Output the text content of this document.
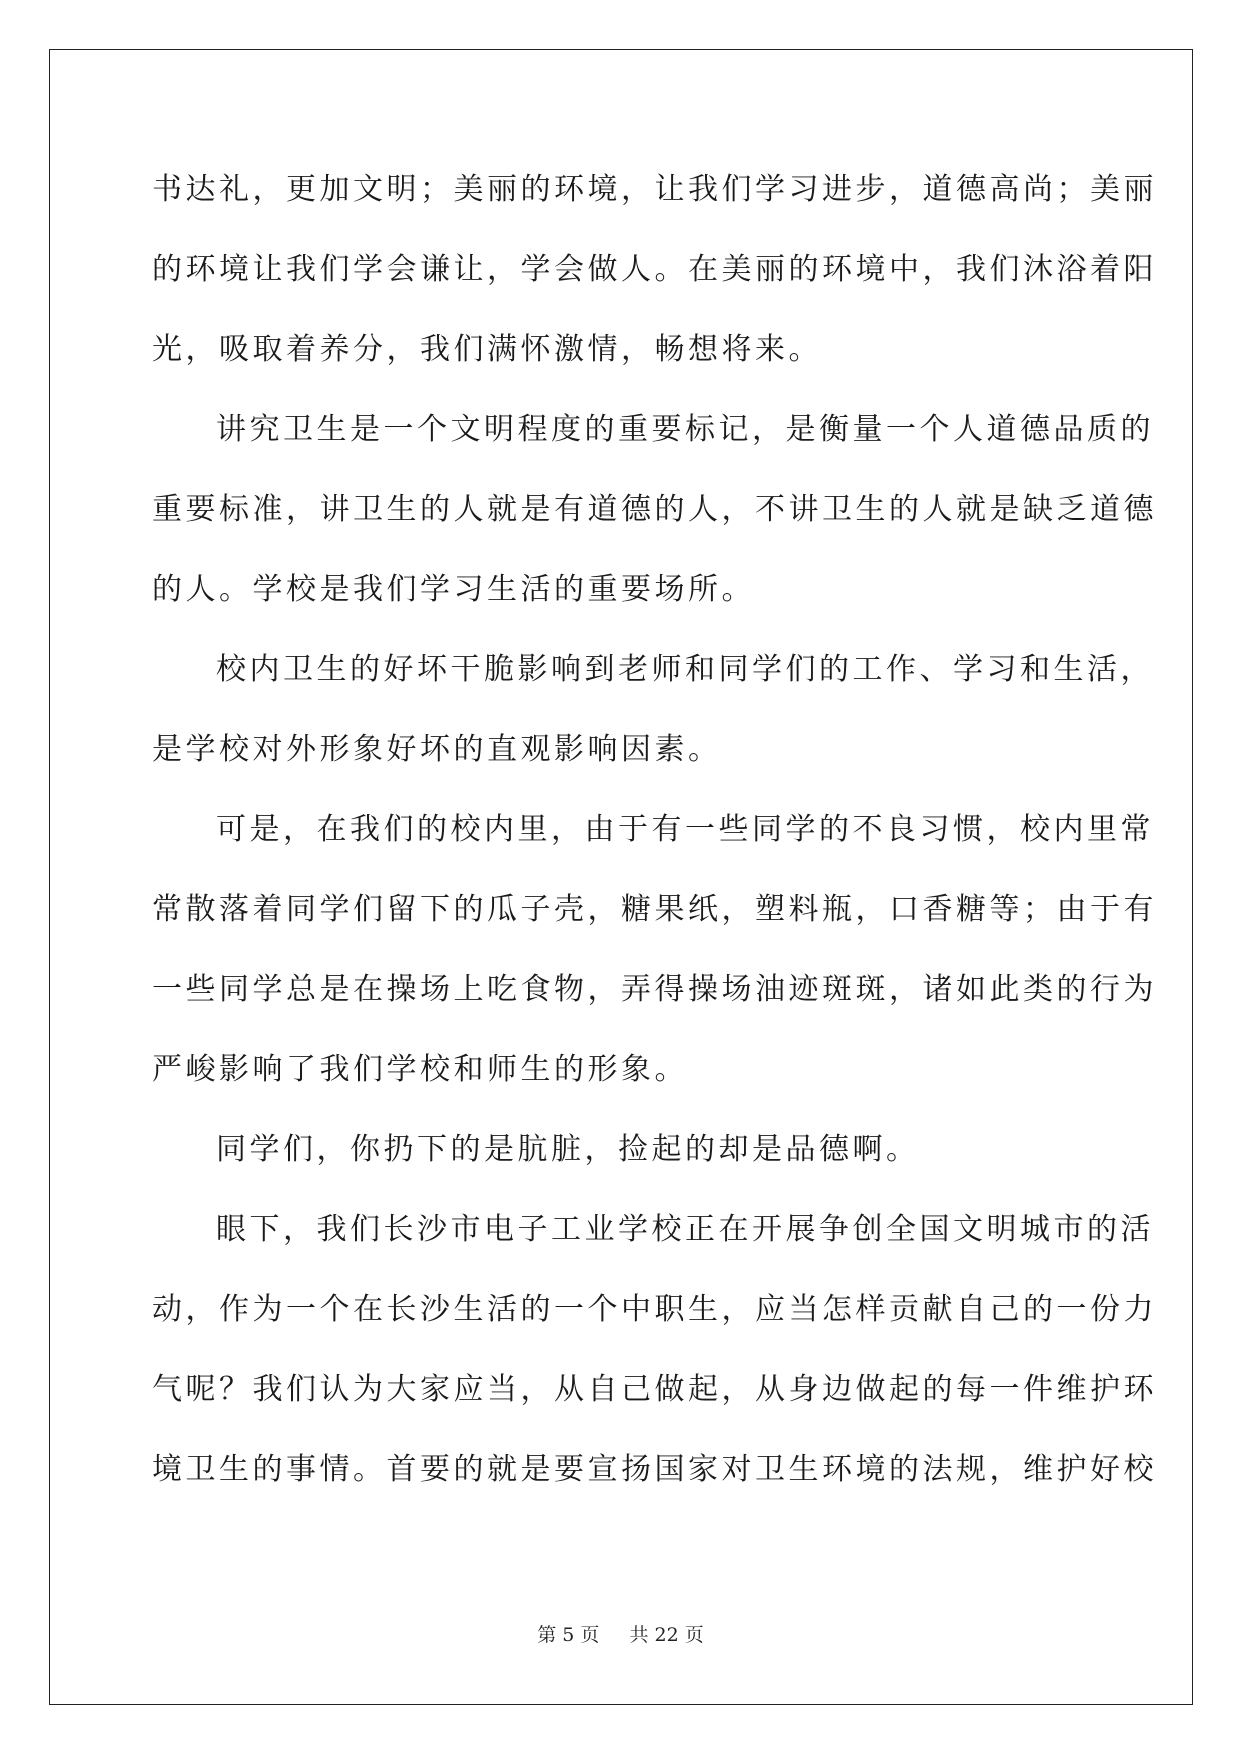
书达礼，更加文明；美丽的环境，让我们学习进步，道德高尚；美丽
的环境让我们学会谦让，学会做人。在美丽的环境中，我们沐浴着阳
光，吸取着养分，我们满怀激情，畅想将来。
讲究卫生是一个文明程度的重要标记，是衡量一个人道德品质的
重要标准，讲卫生的人就是有道德的人，不讲卫生的人就是缺乏道德
的人。学校是我们学习生活的重要场所。
校内卫生的好坏干脆影响到老师和同学们的工作、学习和生活，
是学校对外形象好坏的直观影响因素。
可是，在我们的校内里，由于有一些同学的不良习惯，校内里常
常散落着同学们留下的瓜子壳，糖果纸，塑料瓶，口香糖等；由于有
一些同学总是在操场上吃食物，弄得操场油迹斑斑，诸如此类的行为
严峻影响了我们学校和师生的形象。
同学们，你扔下的是肮脏，捡起的却是品德啊。
眼下，我们长沙市电子工业学校正在开展争创全国文明城市的活
动，作为一个在长沙生活的一个中职生，应当怎样贡献自己的一份力
气呢？我们认为大家应当，从自己做起，从身边做起的每一件维护环
境卫生的事情。首要的就是要宣扬国家对卫生环境的法规，维护好校
第 5 页 共 22 页
